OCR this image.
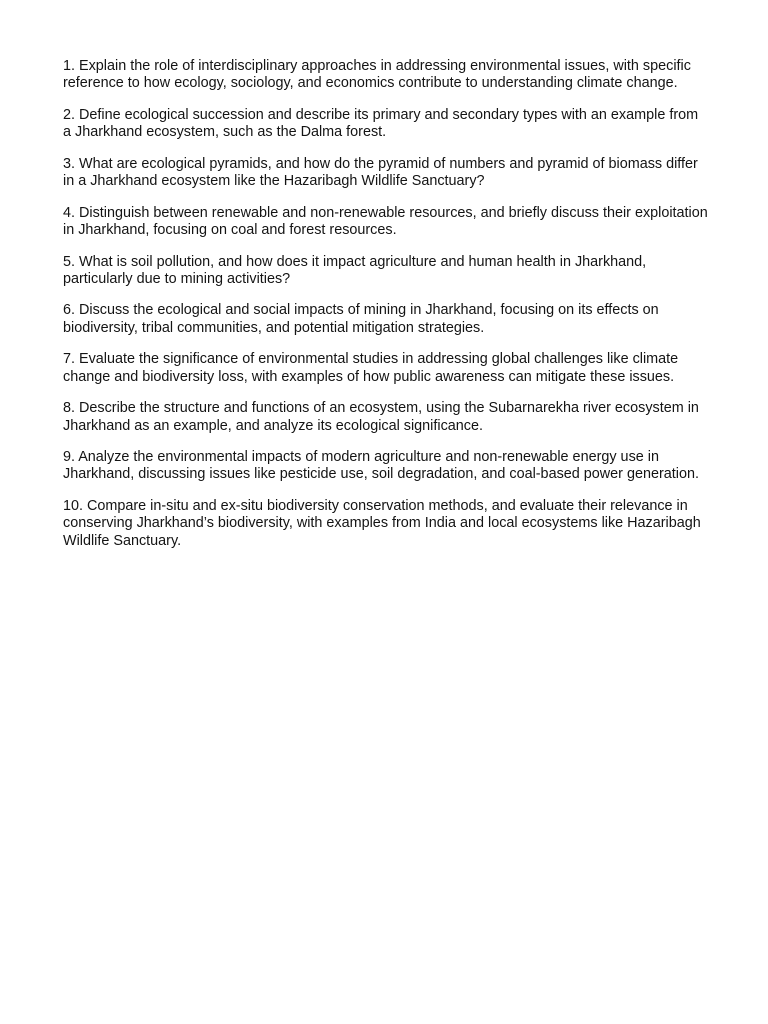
1. Explain the role of interdisciplinary approaches in addressing environmental issues, with specific reference to how ecology, sociology, and economics contribute to understanding climate change.
2. Define ecological succession and describe its primary and secondary types with an example from a Jharkhand ecosystem, such as the Dalma forest.
3. What are ecological pyramids, and how do the pyramid of numbers and pyramid of biomass differ in a Jharkhand ecosystem like the Hazaribagh Wildlife Sanctuary?
4. Distinguish between renewable and non-renewable resources, and briefly discuss their exploitation in Jharkhand, focusing on coal and forest resources.
5. What is soil pollution, and how does it impact agriculture and human health in Jharkhand, particularly due to mining activities?
6. Discuss the ecological and social impacts of mining in Jharkhand, focusing on its effects on biodiversity, tribal communities, and potential mitigation strategies.
7. Evaluate the significance of environmental studies in addressing global challenges like climate change and biodiversity loss, with examples of how public awareness can mitigate these issues.
8. Describe the structure and functions of an ecosystem, using the Subarnarekha river ecosystem in Jharkhand as an example, and analyze its ecological significance.
9. Analyze the environmental impacts of modern agriculture and non-renewable energy use in Jharkhand, discussing issues like pesticide use, soil degradation, and coal-based power generation.
10. Compare in-situ and ex-situ biodiversity conservation methods, and evaluate their relevance in conserving Jharkhand’s biodiversity, with examples from India and local ecosystems like Hazaribagh Wildlife Sanctuary.
